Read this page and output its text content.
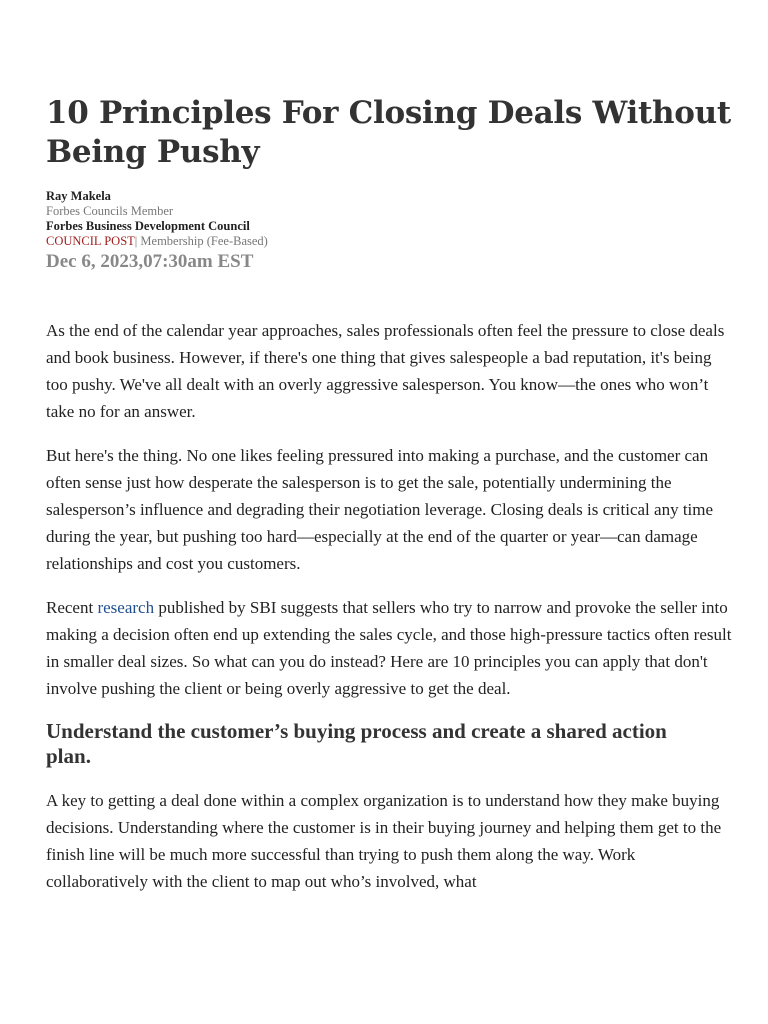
10 Principles For Closing Deals Without Being Pushy
Ray Makela
Forbes Councils Member
Forbes Business Development Council
COUNCIL POST| Membership (Fee-Based)
Dec 6, 2023,07:30am EST

As the end of the calendar year approaches, sales professionals often feel the pressure to close deals and book business. However, if there's one thing that gives salespeople a bad reputation, it's being too pushy. We've all dealt with an overly aggressive salesperson. You know—the ones who won’t take no for an answer.

But here's the thing. No one likes feeling pressured into making a purchase, and the customer can often sense just how desperate the salesperson is to get the sale, potentially undermining the salesperson’s influence and degrading their negotiation leverage. Closing deals is critical any time during the year, but pushing too hard—especially at the end of the quarter or year—can damage relationships and cost you customers.

Recent research published by SBI suggests that sellers who try to narrow and provoke the seller into making a decision often end up extending the sales cycle, and those high-pressure tactics often result in smaller deal sizes. So what can you do instead? Here are 10 principles you can apply that don't involve pushing the client or being overly aggressive to get the deal.

Understand the customer’s buying process and create a shared action plan.

A key to getting a deal done within a complex organization is to understand how they make buying decisions. Understanding where the customer is in their buying journey and helping them get to the finish line will be much more successful than trying to push them along the way. Work collaboratively with the client to map out who’s involved, what
